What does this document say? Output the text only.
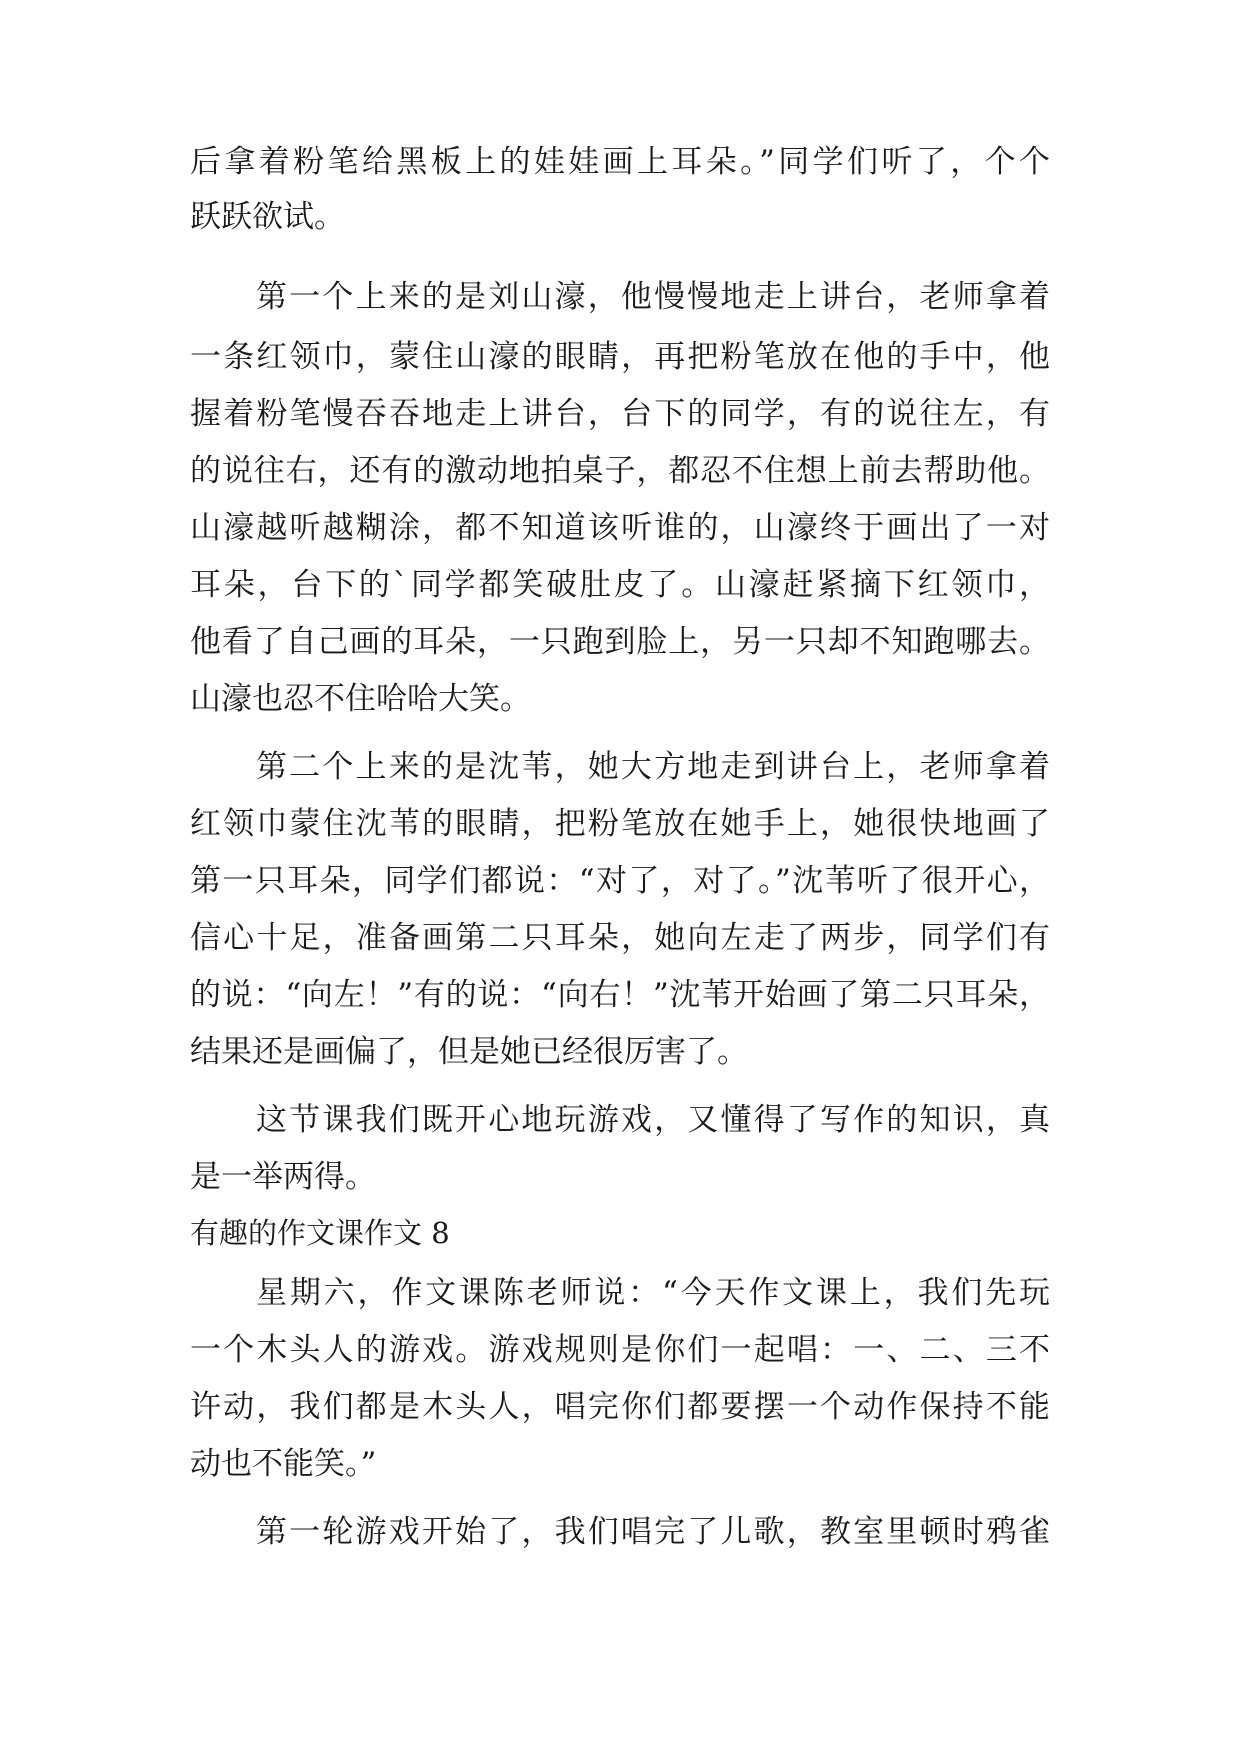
后拿着粉笔给黑板上的娃娃画上耳朵。”同学们听了，个个
跃跃欲试。
第一个上来的是刘山濠，他慢慢地走上讲台，老师拿着
一条红领巾，蒙住山濠的眼睛，再把粉笔放在他的手中，他
握着粉笔慢吞吞地走上讲台，台下的同学，有的说往左，有
的说往右，还有的激动地拍桌子，都忍不住想上前去帮助他。
山濠越听越糊涂，都不知道该听谁的，山濠终于画出了一对
耳朵，台下的`同学都笑破肚皮了。山濠赶紧摘下红领巾，
他看了自己画的耳朵，一只跑到脸上，另一只却不知跑哪去。
山濠也忍不住哈哈大笑。
第二个上来的是沈苇，她大方地走到讲台上，老师拿着
红领巾蒙住沈苇的眼睛，把粉笔放在她手上，她很快地画了
第一只耳朵，同学们都说：“对了，对了。”沈苇听了很开心，
信心十足，准备画第二只耳朵，她向左走了两步，同学们有
的说：“向左！”有的说：“向右！”沈苇开始画了第二只耳朵，
结果还是画偏了，但是她已经很厉害了。
这节课我们既开心地玩游戏，又懂得了写作的知识，真
是一举两得。
有趣的作文课作文 8
星期六，作文课陈老师说：“今天作文课上，我们先玩
一个木头人的游戏。游戏规则是你们一起唱：一、二、三不
许动，我们都是木头人，唱完你们都要摆一个动作保持不能
动也不能笑。”
第一轮游戏开始了，我们唱完了儿歌，教室里顿时鸦雀
